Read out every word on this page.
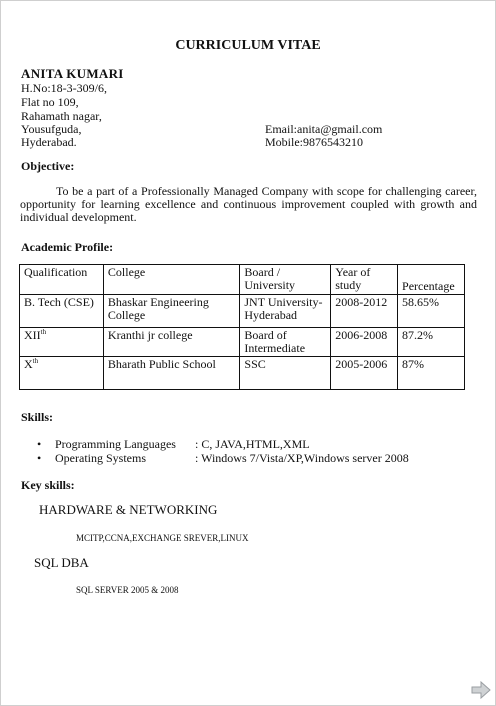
CURRICULUM VITAE
ANITA KUMARI
H.No:18-3-309/6,
Flat no 109,
Rahamath nagar,
Yousufguda,
Hyderabad.
Email:anita@gmail.com
Mobile:9876543210
Objective:
To be a part of a Professionally Managed Company with scope for challenging career, opportunity for learning excellence and continuous improvement coupled with growth and individual development.
Academic Profile:
Qualification	College	Board / University	Year of study	Percentage
B. Tech (CSE)	Bhaskar Engineering College	JNT University-Hyderabad	2008-2012	58.65%
XIIth	Kranthi jr college	Board of Intermediate	2006-2008	87.2%
Xth	Bharath Public School	SSC	2005-2006	87%
Skills:
• Programming Languages : C, JAVA,HTML,XML
• Operating Systems	: Windows 7/Vista/XP,Windows server 2008
Key skills:
HARDWARE & NETWORKING
MCITP,CCNA,EXCHANGE SREVER,LINUX
SQL DBA
SQL SERVER 2005 & 2008
